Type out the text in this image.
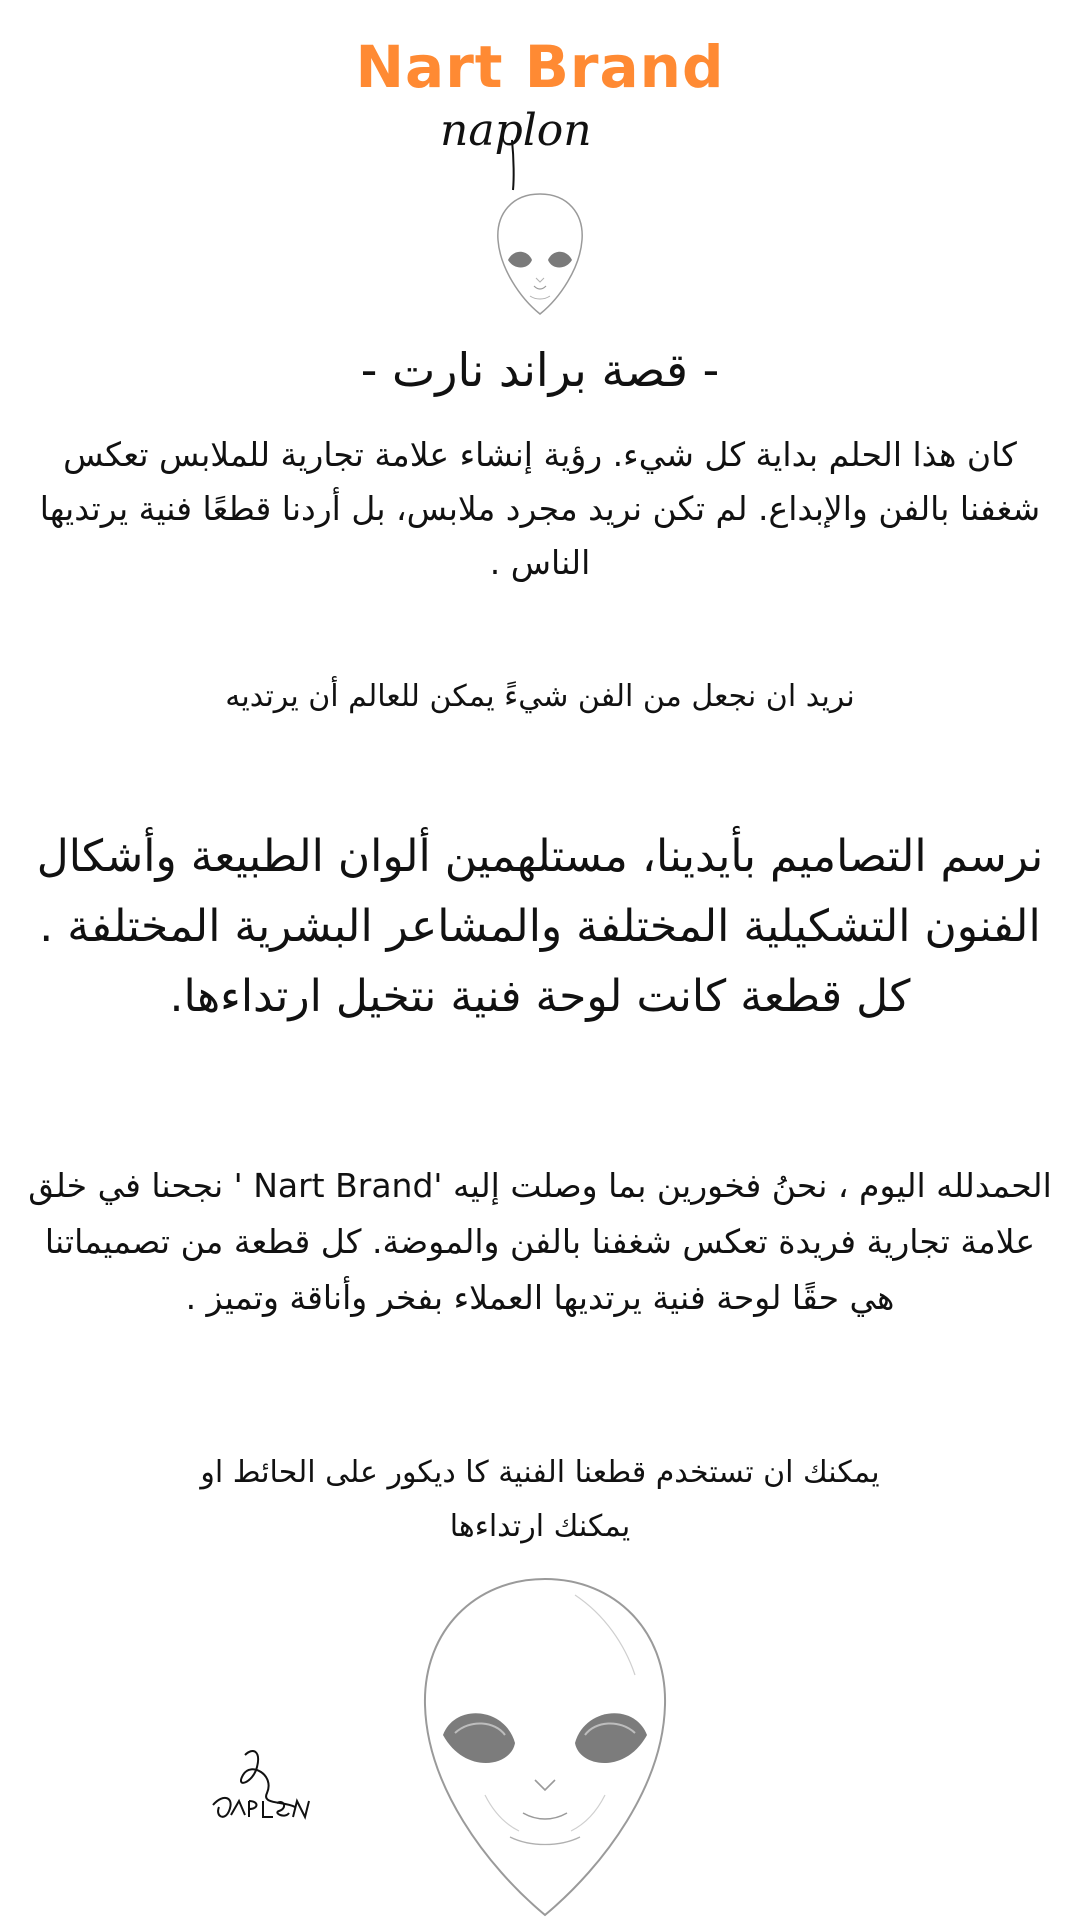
Nart Brand
naplon
- قصة براند نارت -

كان هذا الحلم بداية كل شيء. رؤية إنشاء علامة تجارية للملابس تعكس شغفنا بالفن والإبداع. لم تكن نريد مجرد ملابس، بل أردنا قطعًا فنية يرتديها الناس .

نريد ان نجعل من الفن شيءً يمكن للعالم أن يرتديه

نرسم التصاميم بأيدينا، مستلهمين ألوان الطبيعة وأشكال الفنون التشكيلية المختلفة والمشاعر البشرية المختلفة . كل قطعة كانت لوحة فنية نتخيل ارتداءها.

الحمدلله اليوم ، نحنُ فخورين بما وصلت إليه 'Nart Brand ' نجحنا في خلق علامة تجارية فريدة تعكس شغفنا بالفن والموضة. كل قطعة من تصميماتنا هي حقًا لوحة فنية يرتديها العملاء بفخر وأناقة وتميز .

يمكنك ان تستخدم قطعنا الفنية كا ديكور على الحائط او يمكنك ارتداءها
